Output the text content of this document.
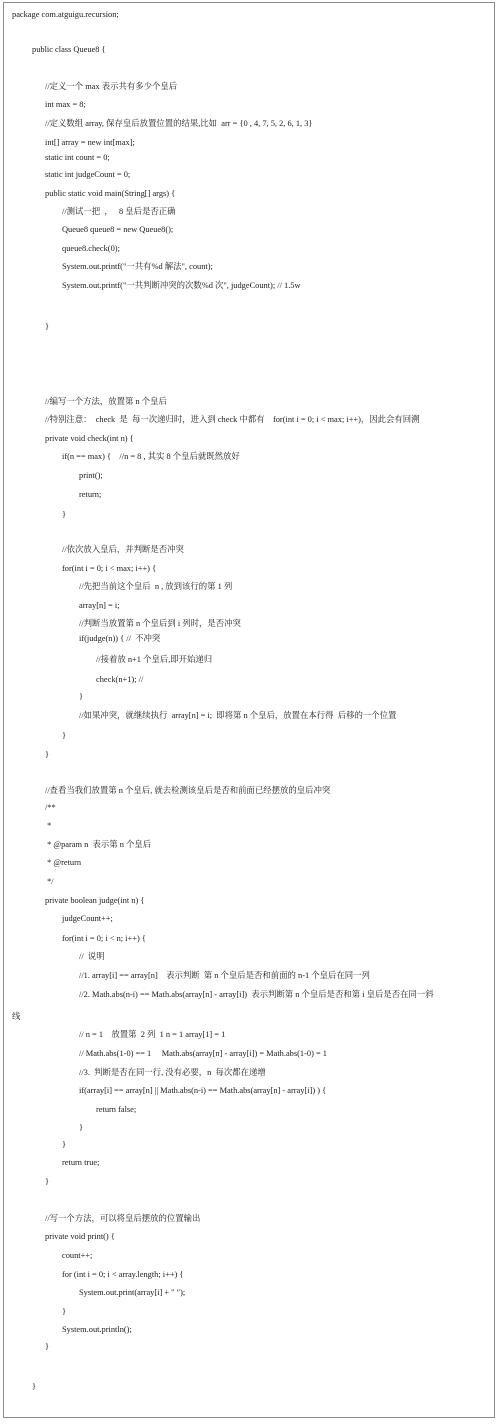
package com.atguigu.recursion;
public class Queue8 {
//定义一个 max 表示共有多少个皇后
int max = 8;
//定义数组 array, 保存皇后放置位置的结果,比如  arr = {0 , 4, 7, 5, 2, 6, 1, 3}
int[] array = new int[max];
static int count = 0;
static int judgeCount = 0;
public static void main(String[] args) {
//测试一把  ，   8 皇后是否正确
Queue8 queue8 = new Queue8();
queue8.check(0);
System.out.printf("一共有%d 解法", count);
System.out.printf("一共判断冲突的次数%d 次", judgeCount); // 1.5w
}
//编写一个方法，放置第 n 个皇后
//特别注意：  check  是  每一次递归时，进入到 check 中都有    for(int i = 0; i < max; i++)，因此会有回溯
private void check(int n) {
if(n == max) {    //n = 8 , 其实 8 个皇后就既然放好
print();
return;
}
//依次放入皇后，并判断是否冲突
for(int i = 0; i < max; i++) {
//先把当前这个皇后  n , 放到该行的第 1 列
array[n] = i;
//判断当放置第 n 个皇后到 i 列时，是否冲突
if(judge(n)) { //  不冲突
//接着放 n+1 个皇后,即开始递归
check(n+1); //
}
//如果冲突，就继续执行  array[n] = i;  即将第 n 个皇后，放置在本行得  后移的一个位置
}
}
//查看当我们放置第 n 个皇后, 就去检测该皇后是否和前面已经摆放的皇后冲突
/**
*
* @param n  表示第 n 个皇后
* @return
*/
private boolean judge(int n) {
judgeCount++;
for(int i = 0; i < n; i++) {
//  说明
//1. array[i] == array[n]    表示判断  第 n 个皇后是否和前面的 n-1 个皇后在同一列
//2. Math.abs(n-i) == Math.abs(array[n] - array[i])  表示判断第 n 个皇后是否和第 i 皇后是否在同一斜
线
// n = 1    放置第  2 列  1 n = 1 array[1] = 1
// Math.abs(1-0) == 1     Math.abs(array[n] - array[i]) = Math.abs(1-0) = 1
//3.  判断是否在同一行, 没有必要，n  每次都在递增
if(array[i] == array[n] || Math.abs(n-i) == Math.abs(array[n] - array[i]) ) {
return false;
}
}
return true;
}
//写一个方法，可以将皇后摆放的位置输出
private void print() {
count++;
for (int i = 0; i < array.length; i++) {
System.out.print(array[i] + " ");
}
System.out.println();
}
}
